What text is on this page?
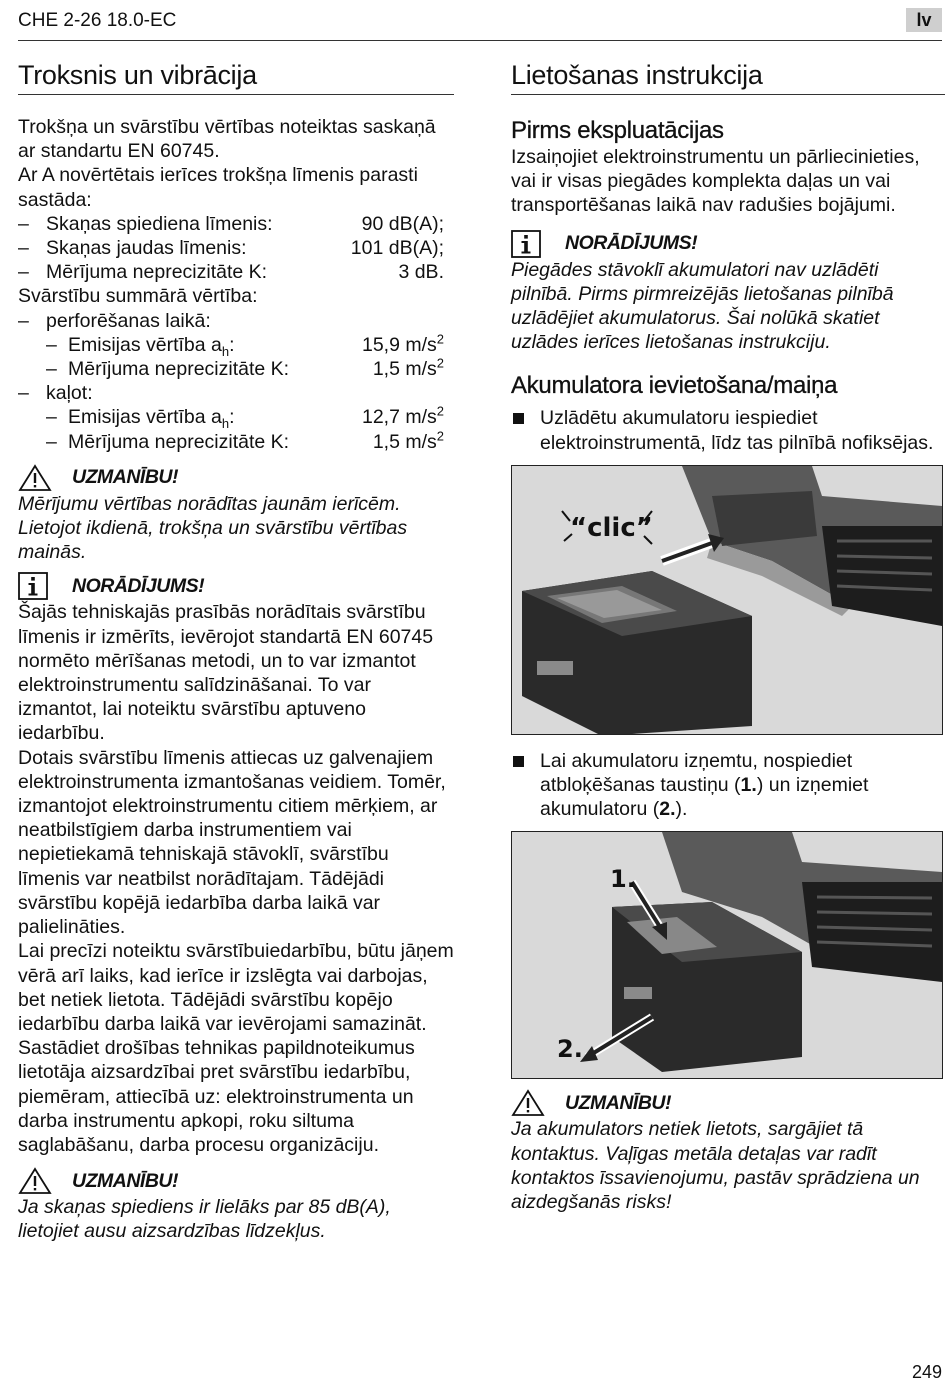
CHE 2-26 18.0-EC	lv
Troksnis un vibrācija

Trokšņa un svārstību vērtības noteiktas saskaņā ar standartu EN 60745.

Ar A novērtētais ierīces trokšņa līmenis parasti sastāda:

– Skaņas spiediena līmenis:	90 dB(A);
– Skaņas jaudas līmenis:	101 dB(A);
– Mērījuma neprecizitāte K:	3 dB.

Svārstību summārā vērtība:

– perforēšanas laikā:
– Emisijas vērtība $a_h$:	15,9 $m/s^2$
– Mērījuma neprecizitāte K:	1,5 $m/s^2$
– kaļot:
– Emisijas vērtība $a_h$:	12,7 $m/s^2$
– Mērījuma neprecizitāte K:	1,5 $m/s^2$
UZMANĪBU!

Mērījumu vērtības norādītas jaunām ierīcēm. Lietojot ikdienā, trokšņa un svārstību vērtības mainās.

NORĀDĪJUMS!

Šajās tehniskajās prasībās norādītais svārstību līmenis ir izmērīts, ievērojot standartā EN 60745 normēto mērīšanas metodi, un to var izmantot elektroinstrumentu salīdzināšanai. To var izmantot, lai noteiktu svārstību aptuveno iedarbību.

Dotais svārstību līmenis attiecas uz galvenajiem elektroinstrumenta izmantošanas veidiem. Tomēr, izmantojot elektroinstrumentu citiem mērķiem, ar neatbilstīgiem darba instrumentiem vai nepietiekamā tehniskajā stāvoklī, svārstību līmenis var neatbilst norādītajam. Tādējādi svārstību kopējā iedarbība darba laikā var palielināties.

Lai precīzi noteiktu svārstībuiedarbību, būtu jāņem vērā arī laiks, kad ierīce ir izslēgta vai darbojas, bet netiek lietota. Tādējādi svārstību kopējo iedarbību darba laikā var ievērojami samazināt.

Sastādiet drošības tehnikas papildnoteikumus lietotāja aizsardzībai pret svārstību iedarbību, piemēram, attiecībā uz: elektroinstrumenta un darba instrumentu apkopi, roku siltuma saglabāšanu, darba procesu organizāciju.

UZMANĪBU!

Ja skaņas spiediens ir lielāks par 85 dB(A), lietojiet ausu aizsardzības līdzekļus.

Lietošanas instrukcija
Pirms ekspluatācijas

Izsaiņojiet elektroinstrumentu un pārliecinieties, vai ir visas piegādes komplekta daļas un vai transportēšanas laikā nav radušies bojājumi.

NORĀDĪJUMS!

Piegādes stāvoklī akumulatori nav uzlādēti pilnībā. Pirms pirmreizējās lietošanas pilnībā uzlādējiet akumulatorus. Šai nolūkā skatiet uzlādes ierīces lietošanas instrukciju.

Akumulatora ievietošana/maiņa
Uzlādētu akumulatoru iespiediet elektroinstrumentā, līdz tas pilnībā nofiksējas.
“clic”
Lai akumulatoru izņemtu, nospiediet atbloķēšanas taustiņu (1.) un izņemiet akumulatoru (2.).
1.
2.
UZMANĪBU!

Ja akumulators netiek lietots, sargājiet tā kontaktus. Vaļīgas metāla detaļas var radīt kontaktos īssavienojumu, pastāv sprādziena un aizdegšanās risks!

249
